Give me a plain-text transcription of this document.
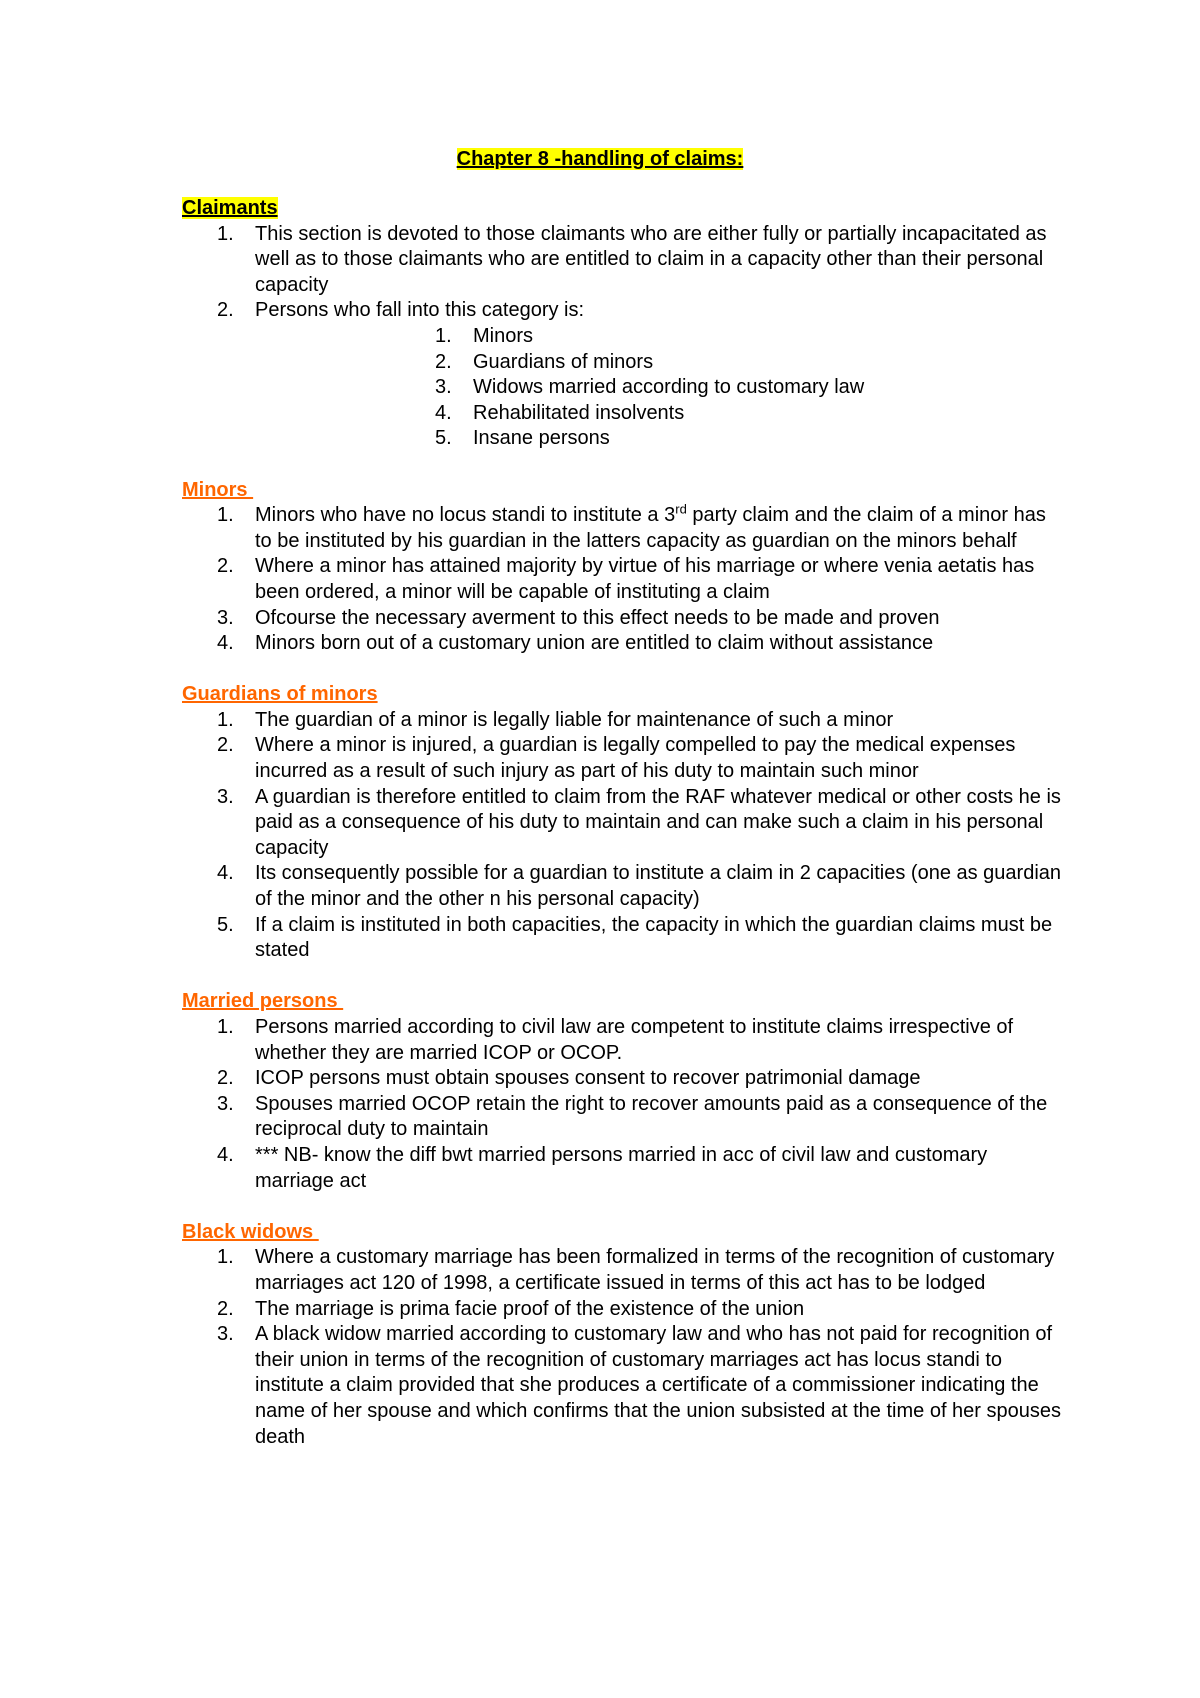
Chapter 8 -handling of claims:

Claimants

1.	This section is devoted to those claimants who are either fully or partially incapacitated as well as to those claimants who are entitled to claim in a capacity other than their personal capacity
2.	Persons who fall into this category is:
1. Minors
2. Guardians of minors
3. Widows married according to customary law
4. Rehabilitated insolvents
5. Insane persons

Minors

1.	Minors who have no locus standi to institute a 3rd party claim and the claim of a minor has to be instituted by his guardian in the latters capacity as guardian on the minors behalf
2.	Where a minor has attained majority by virtue of his marriage or where venia aetatis has been ordered, a minor will be capable of instituting a claim
3.	Ofcourse the necessary averment to this effect needs to be made and proven
4.	Minors born out of a customary union are entitled to claim without assistance

Guardians of minors

1.	The guardian of a minor is legally liable for maintenance of such a minor
2.	Where a minor is injured, a guardian is legally compelled to pay the medical expenses incurred as a result of such injury as part of his duty to maintain such minor
3.	A guardian is therefore entitled to claim from the RAF whatever medical or other costs he is paid as a consequence of his duty to maintain and can make such a claim in his personal capacity
4.	Its consequently possible for a guardian to institute a claim in 2 capacities (one as guardian of the minor and the other n his personal capacity)
5.	If a claim is instituted in both capacities, the capacity in which the guardian claims must be stated

Married persons

1.	Persons married according to civil law are competent to institute claims irrespective of whether they are married ICOP or OCOP.
2.	ICOP persons must obtain spouses consent to recover patrimonial damage
3.	Spouses married OCOP retain the right to recover amounts paid as a consequence of the reciprocal duty to maintain
4.	*** NB- know the diff bwt married persons married in acc of civil law and customary marriage act

Black widows

1.	Where a customary marriage has been formalized in terms of the recognition of customary marriages act 120 of 1998, a certificate issued in terms of this act has to be lodged
2.	The marriage is prima facie proof of the existence of the union
3.	A black widow married according to customary law and who has not paid for recognition of their union in terms of the recognition of customary marriages act has locus standi to institute a claim provided that she produces a certificate of a commissioner indicating the name of her spouse and which confirms that the union subsisted at the time of her spouses death
